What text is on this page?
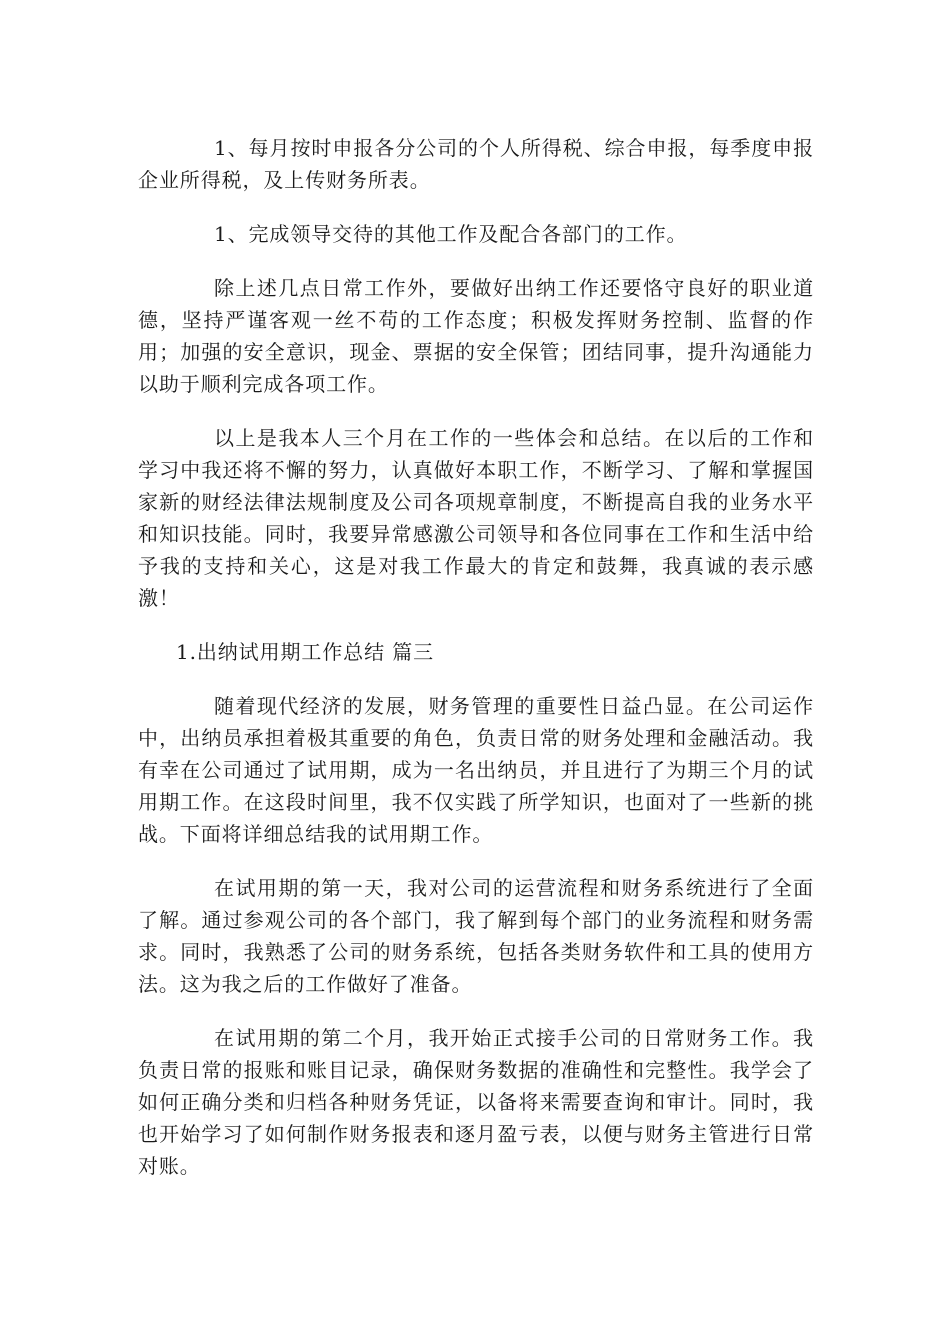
1、每月按时申报各分公司的个人所得税、综合申报，每季度申报企业所得税，及上传财务所表。

1、完成领导交待的其他工作及配合各部门的工作。

除上述几点日常工作外，要做好出纳工作还要恪守良好的职业道德，坚持严谨客观一丝不苟的工作态度；积极发挥财务控制、监督的作用；加强的安全意识，现金、票据的安全保管；团结同事，提升沟通能力以助于顺利完成各项工作。

以上是我本人三个月在工作的一些体会和总结。在以后的工作和学习中我还将不懈的努力，认真做好本职工作，不断学习、了解和掌握国家新的财经法律法规制度及公司各项规章制度，不断提高自我的业务水平和知识技能。同时，我要异常感激公司领导和各位同事在工作和生活中给予我的支持和关心，这是对我工作最大的肯定和鼓舞，我真诚的表示感激！

1.出纳试用期工作总结 篇三

随着现代经济的发展，财务管理的重要性日益凸显。在公司运作中，出纳员承担着极其重要的角色，负责日常的财务处理和金融活动。我有幸在公司通过了试用期，成为一名出纳员，并且进行了为期三个月的试用期工作。在这段时间里，我不仅实践了所学知识，也面对了一些新的挑战。下面将详细总结我的试用期工作。

在试用期的第一天，我对公司的运营流程和财务系统进行了全面了解。通过参观公司的各个部门，我了解到每个部门的业务流程和财务需求。同时，我熟悉了公司的财务系统，包括各类财务软件和工具的使用方法。这为我之后的工作做好了准备。

在试用期的第二个月，我开始正式接手公司的日常财务工作。我负责日常的报账和账目记录，确保财务数据的准确性和完整性。我学会了如何正确分类和归档各种财务凭证，以备将来需要查询和审计。同时，我也开始学习了如何制作财务报表和逐月盈亏表，以便与财务主管进行日常对账。
